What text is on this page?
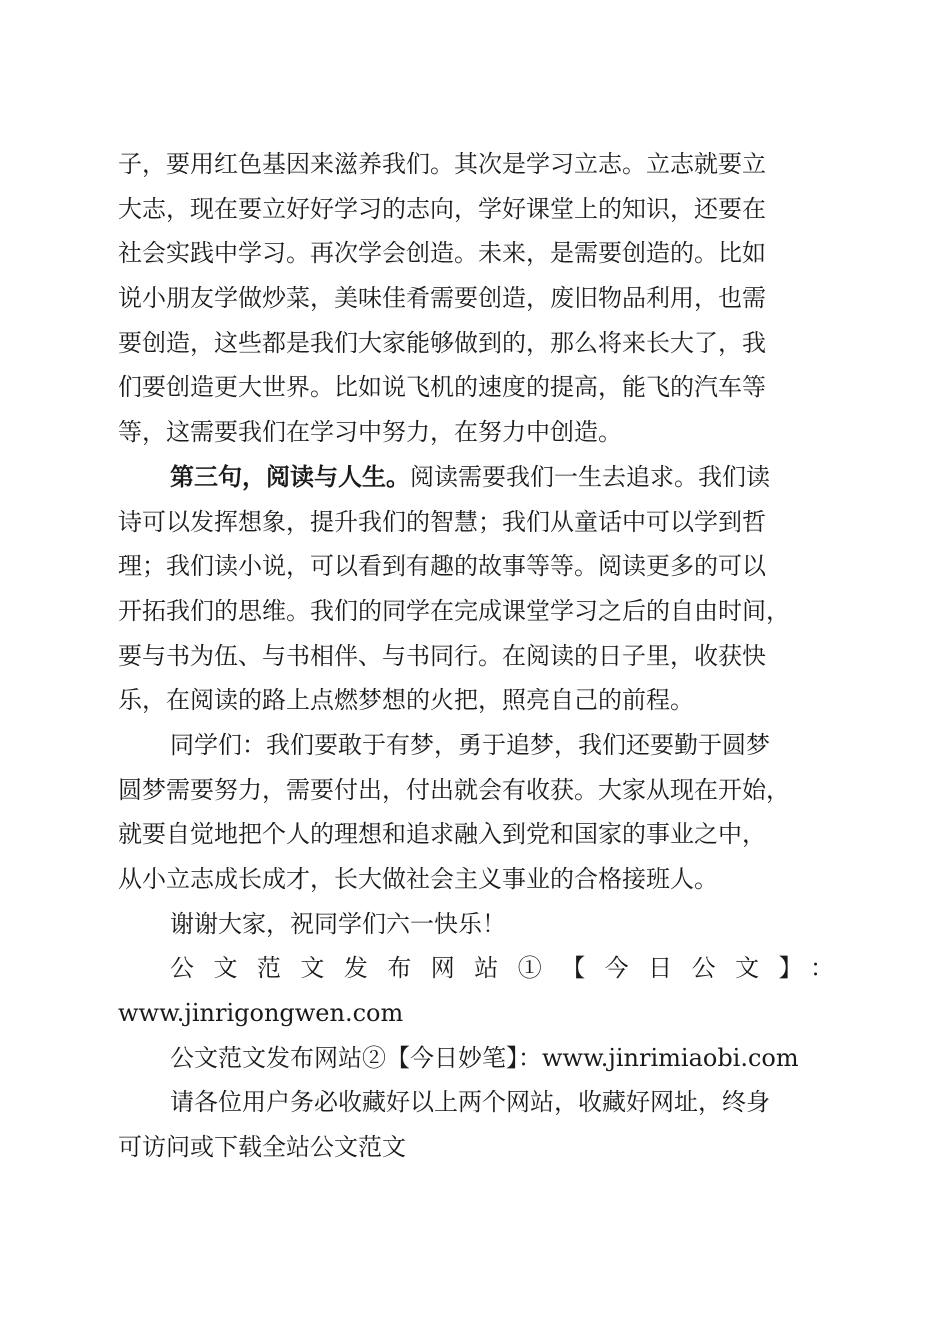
子，要用红色基因来滋养我们。其次是学习立志。立志就要立
大志，现在要立好好学习的志向，学好课堂上的知识，还要在
社会实践中学习。再次学会创造。未来，是需要创造的。比如
说小朋友学做炒菜，美味佳肴需要创造，废旧物品利用，也需
要创造，这些都是我们大家能够做到的，那么将来长大了，我
们要创造更大世界。比如说飞机的速度的提高，能飞的汽车等
等，这需要我们在学习中努力，在努力中创造。
第三句，阅读与人生。阅读需要我们一生去追求。我们读
诗可以发挥想象，提升我们的智慧；我们从童话中可以学到哲
理；我们读小说，可以看到有趣的故事等等。阅读更多的可以
开拓我们的思维。我们的同学在完成课堂学习之后的自由时间，
要与书为伍、与书相伴、与书同行。在阅读的日子里，收获快
乐，在阅读的路上点燃梦想的火把，照亮自己的前程。
同学们：我们要敢于有梦，勇于追梦，我们还要勤于圆梦
圆梦需要努力，需要付出，付出就会有收获。大家从现在开始，
就要自觉地把个人的理想和追求融入到党和国家的事业之中，
从小立志成长成才，长大做社会主义事业的合格接班人。
谢谢大家，祝同学们六一快乐！
公文范文发布网站①【今日公文】：
www.jinrigongwen.com
公文范文发布网站②【今日妙笔】：www.jinrimiaobi.com
请各位用户务必收藏好以上两个网站，收藏好网址，终身
可访问或下载全站公文范文
